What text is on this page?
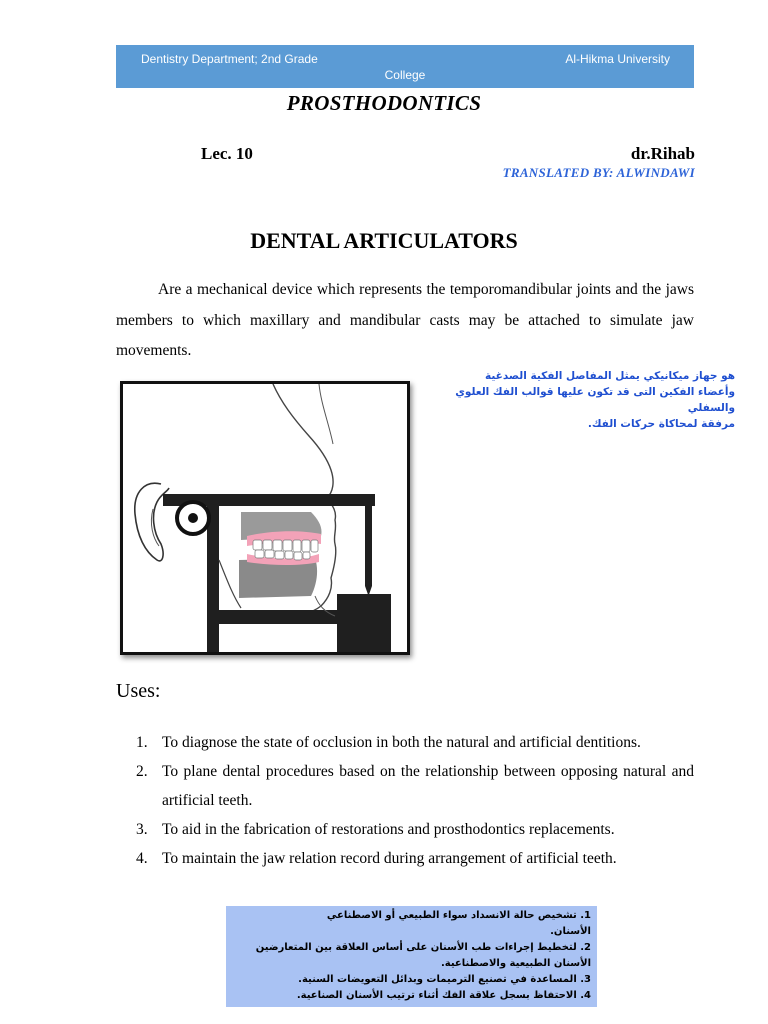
Dentistry Department; 2nd Grade	Al-Hikma University
College
PROSTHODONTICS
Lec. 10	dr.Rihab
TRANSLATED BY: ALWINDAWI
DENTAL ARTICULATORS
Are a mechanical device which represents the temporomandibular joints and the jaws members to which maxillary and mandibular casts may be attached to simulate jaw movements.
هو جهاز ميكانيكي يمثل المفاصل الفكية الصدغية
وأعضاء الفكين التى قد تكون عليها قوالب الفك العلوي والسفلي
مرفقة لمحاكاة حركات الفك.
Uses:
1. To diagnose the state of occlusion in both the natural and artificial dentitions.
2. To plane dental procedures based on the relationship between opposing natural and artificial teeth.
3. To aid in the fabrication of restorations and prosthodontics replacements.
4. To maintain the jaw relation record during arrangement of artificial teeth.
1. تشخيص حالة الانسداد سواء الطبيعي أو الاصطناعي
الأسنان.
2. لتخطيط إجراءات طب الأسنان على أساس العلاقة بين المتعارضين
الأسنان الطبيعية والاصطناعية.
3. المساعدة في تصنيع الترميمات وبدائل التعويضات السنية.
4. الاحتفاظ بسجل علاقة الفك أثناء ترتيب الأسنان الصناعية.
